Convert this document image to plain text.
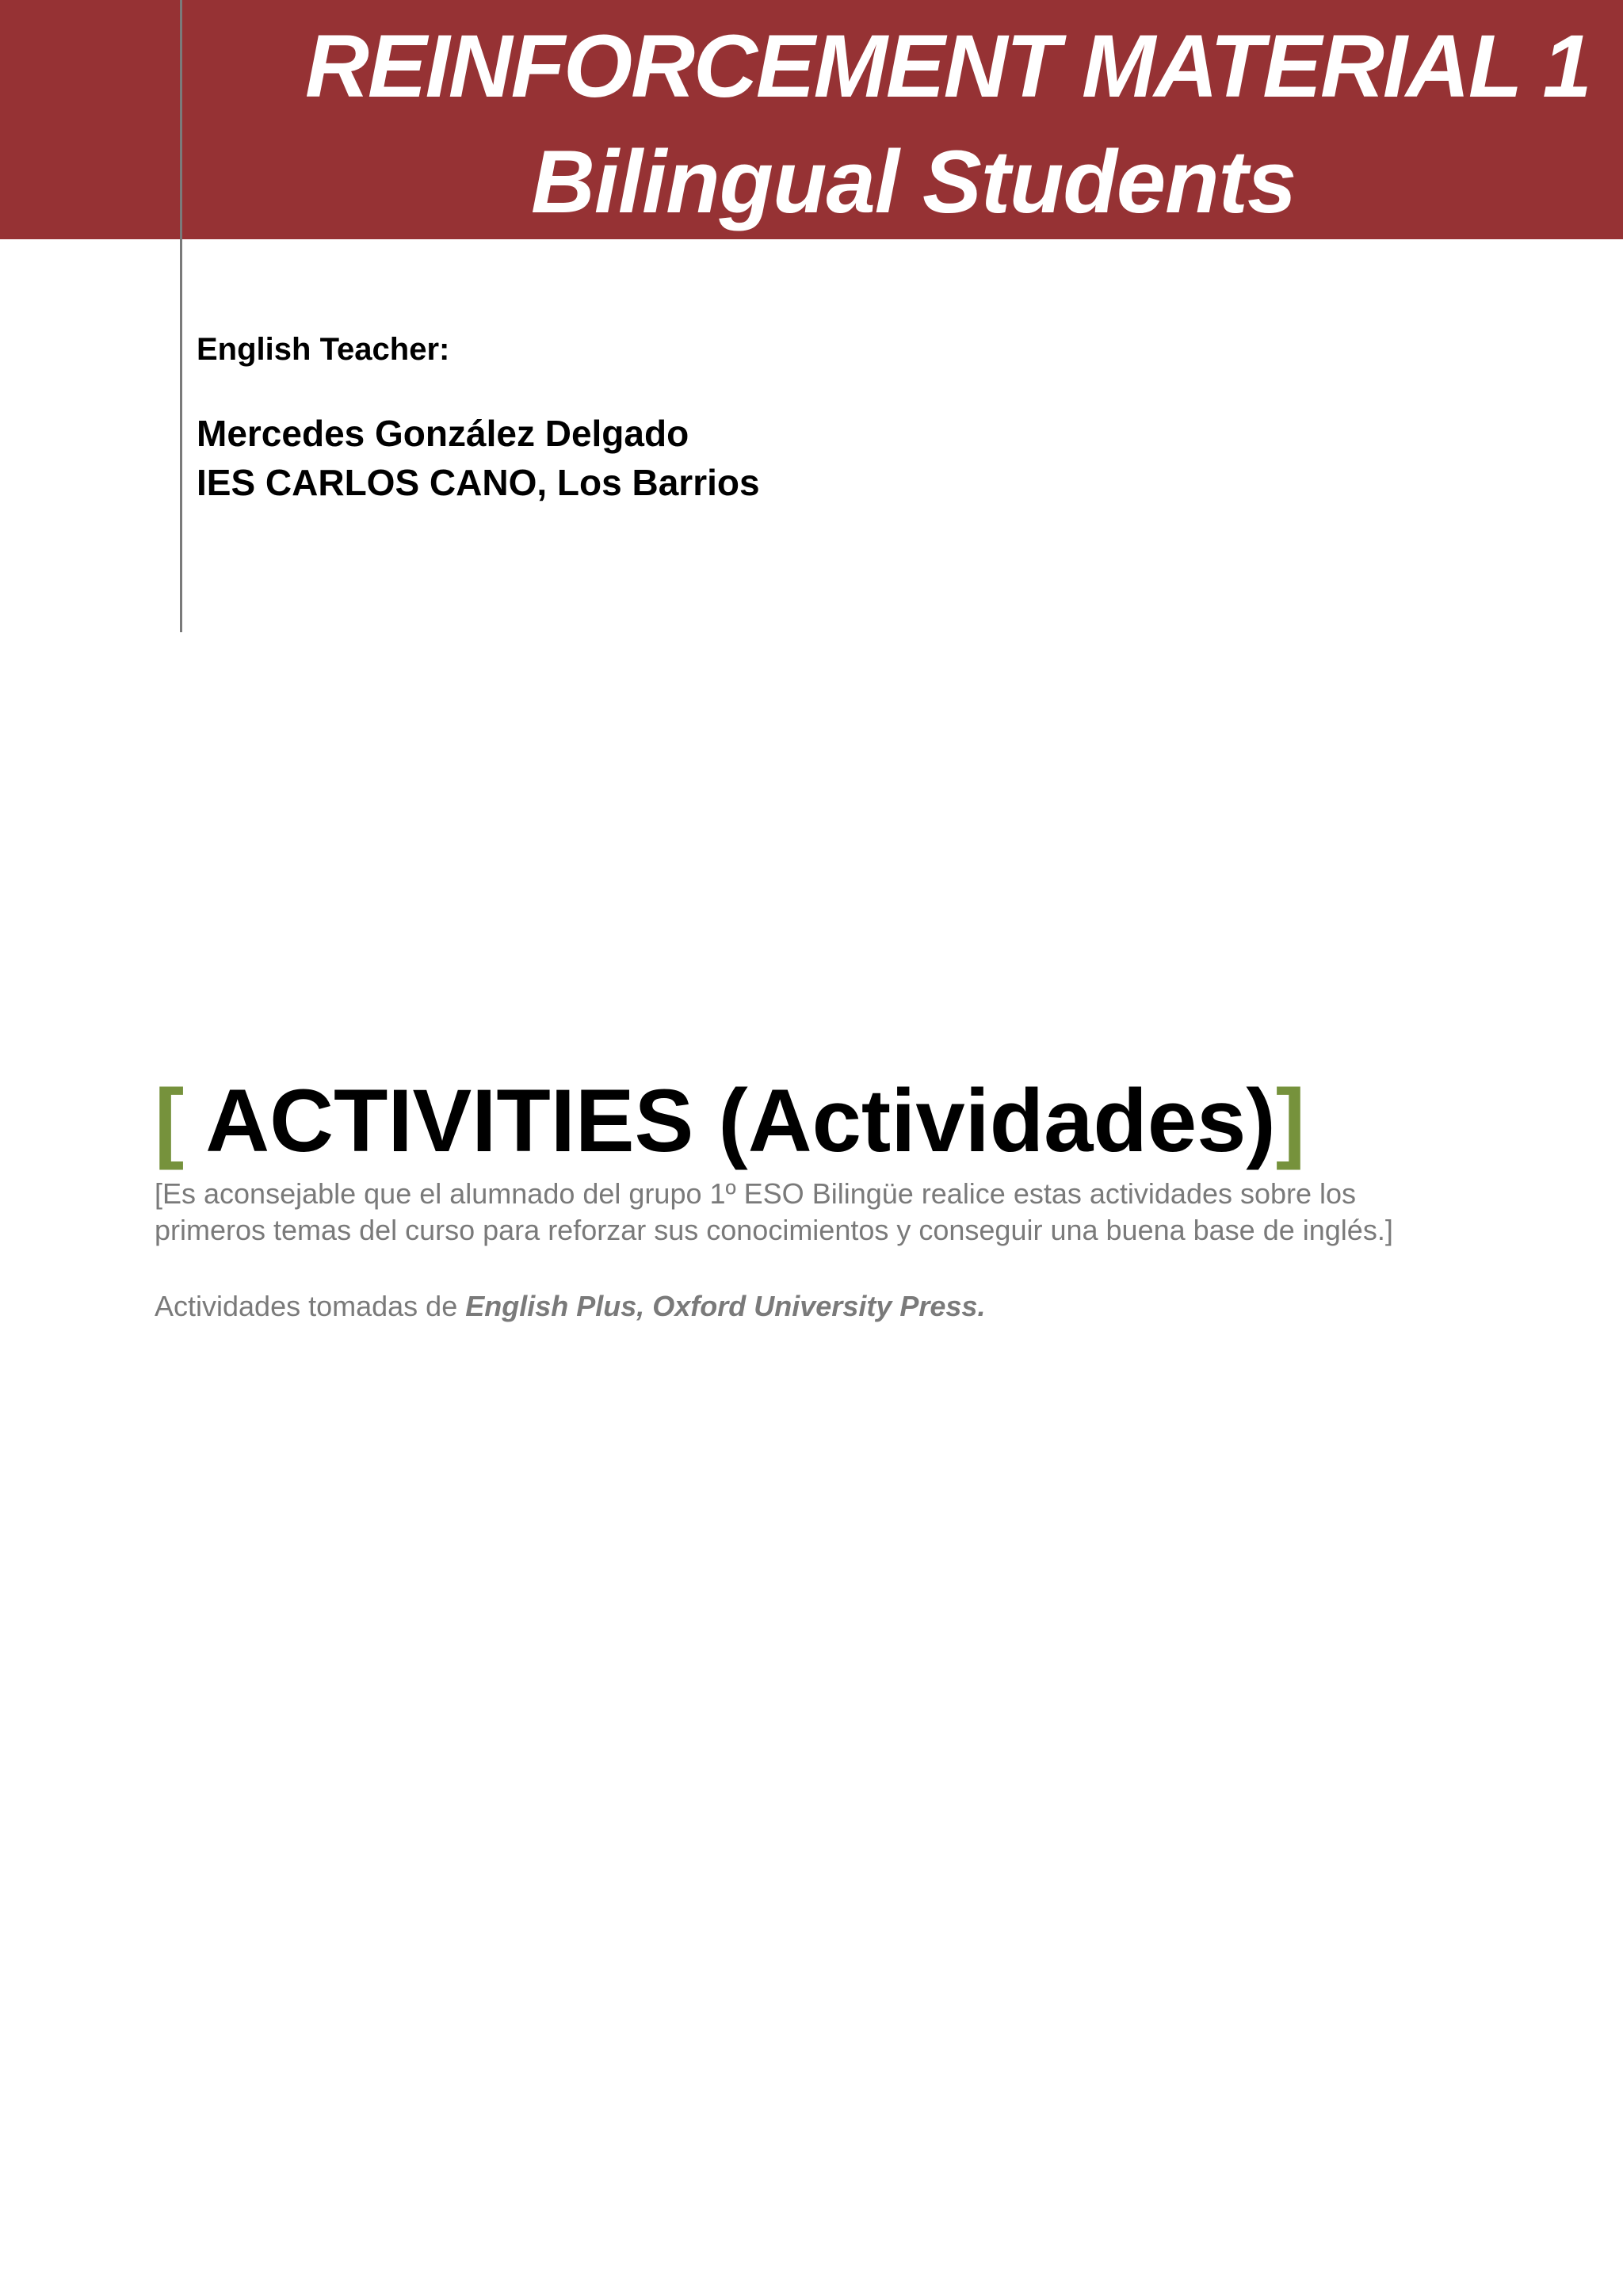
REINFORCEMENT MATERIAL 1
Bilingual Students
English Teacher:
Mercedes González Delgado
IES CARLOS CANO, Los Barrios
[ ACTIVITIES (Actividades)]
[Es aconsejable que el alumnado del grupo 1º ESO Bilingüe realice estas actividades sobre los primeros temas del curso para reforzar sus conocimientos y conseguir una buena base de inglés.]
Actividades tomadas de English Plus, Oxford University Press.
